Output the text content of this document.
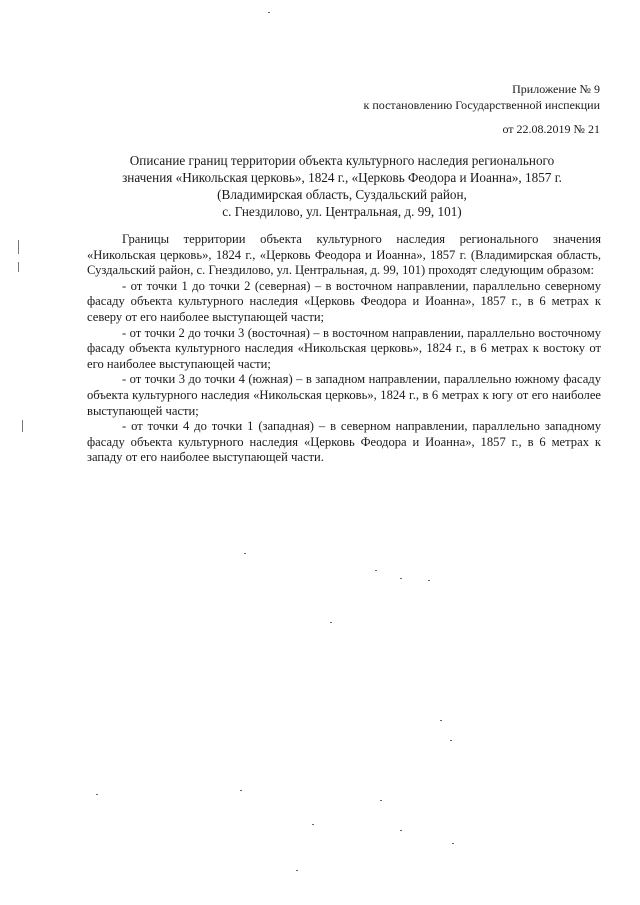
Приложение № 9
к постановлению Государственной инспекции
от 22.08.2019 № 21
Описание границ территории объекта культурного наследия регионального
значения «Никольская церковь», 1824 г., «Церковь Феодора и Иоанна», 1857 г.
(Владимирская область, Суздальский район,
с. Гнездилово, ул. Центральная, д. 99, 101)

Границы территории объекта культурного наследия регионального значения «Никольская церковь», 1824 г., «Церковь Феодора и Иоанна», 1857 г. (Владимирская область, Суздальский район, с. Гнездилово, ул. Центральная, д. 99, 101) проходят следующим образом:

- от точки 1 до точки 2 (северная) – в восточном направлении, параллельно северному фасаду объекта культурного наследия «Церковь Феодора и Иоанна», 1857 г., в 6 метрах к северу от его наиболее выступающей части;

- от точки 2 до точки 3 (восточная) – в восточном направлении, параллельно восточному фасаду объекта культурного наследия «Никольская церковь», 1824 г., в 6 метрах к востоку от его наиболее выступающей части;

- от точки 3 до точки 4 (южная) – в западном направлении, параллельно южному фасаду объекта культурного наследия «Никольская церковь», 1824 г., в 6 метрах к югу от его наиболее выступающей части;

- от точки 4 до точки 1 (западная) – в северном направлении, параллельно западному фасаду объекта культурного наследия «Церковь Феодора и Иоанна», 1857 г., в 6 метрах к западу от его наиболее выступающей части.
